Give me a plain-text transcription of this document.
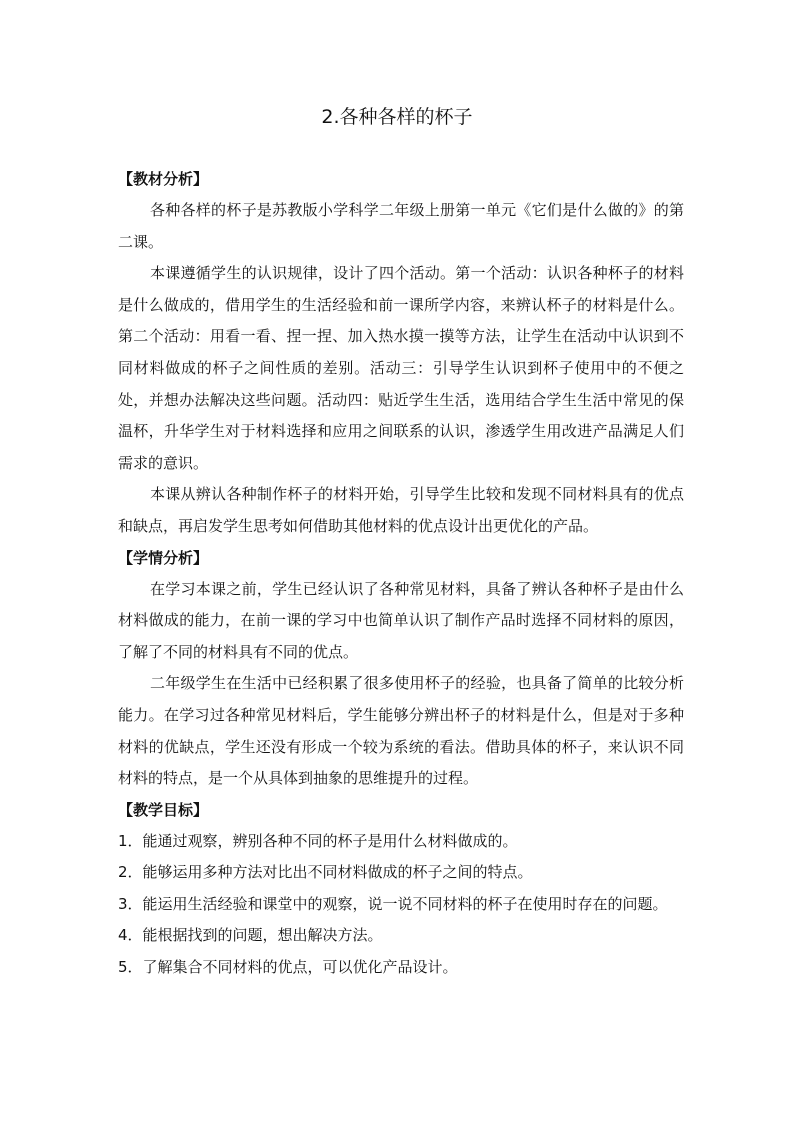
2.各种各样的杯子

【教材分析】

各种各样的杯子是苏教版小学科学二年级上册第一单元《它们是什么做的》的第二课。

本课遵循学生的认识规律，设计了四个活动。第一个活动：认识各种杯子的材料是什么做成的，借用学生的生活经验和前一课所学内容，来辨认杯子的材料是什么。第二个活动：用看一看、捏一捏、加入热水摸一摸等方法，让学生在活动中认识到不同材料做成的杯子之间性质的差别。活动三：引导学生认识到杯子使用中的不便之处，并想办法解决这些问题。活动四：贴近学生生活，选用结合学生生活中常见的保温杯，升华学生对于材料选择和应用之间联系的认识，渗透学生用改进产品满足人们需求的意识。

本课从辨认各种制作杯子的材料开始，引导学生比较和发现不同材料具有的优点和缺点，再启发学生思考如何借助其他材料的优点设计出更优化的产品。

【学情分析】

在学习本课之前，学生已经认识了各种常见材料，具备了辨认各种杯子是由什么材料做成的能力，在前一课的学习中也简单认识了制作产品时选择不同材料的原因，了解了不同的材料具有不同的优点。

二年级学生在生活中已经积累了很多使用杯子的经验，也具备了简单的比较分析能力。在学习过各种常见材料后，学生能够分辨出杯子的材料是什么，但是对于多种材料的优缺点，学生还没有形成一个较为系统的看法。借助具体的杯子，来认识不同材料的特点，是一个从具体到抽象的思维提升的过程。

【教学目标】

1．能通过观察，辨别各种不同的杯子是用什么材料做成的。

2．能够运用多种方法对比出不同材料做成的杯子之间的特点。

3．能运用生活经验和课堂中的观察，说一说不同材料的杯子在使用时存在的问题。

4．能根据找到的问题，想出解决方法。

5．了解集合不同材料的优点，可以优化产品设计。
